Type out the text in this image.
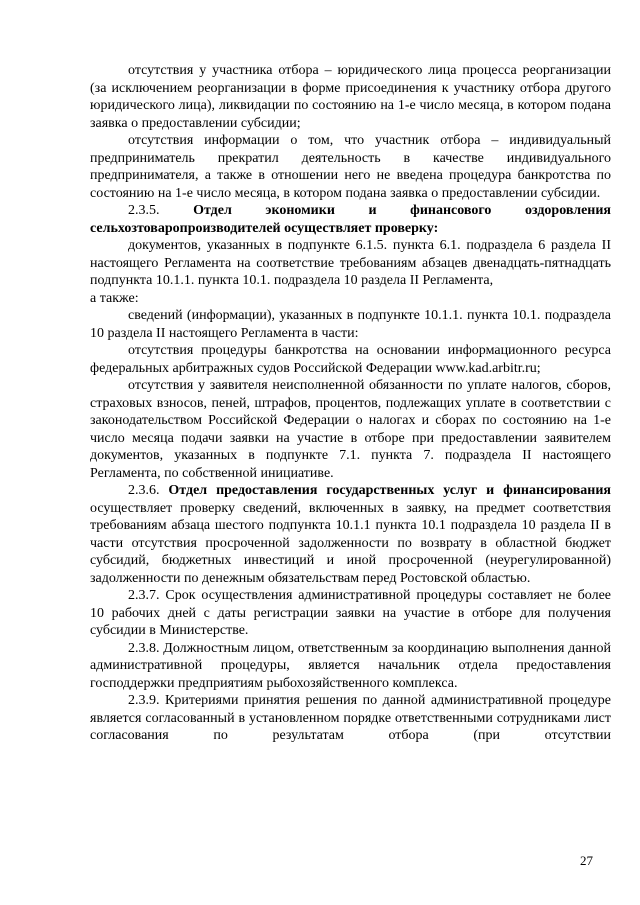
отсутствия у участника отбора – юридического лица процесса реорганизации (за исключением реорганизации в форме присоединения к участнику отбора другого юридического лица), ликвидации по состоянию на 1-е число месяца, в котором подана заявка о предоставлении субсидии;

отсутствия информации о том, что участник отбора – индивидуальный предприниматель прекратил деятельность в качестве индивидуального предпринимателя, а также в отношении него не введена процедура банкротства по состоянию на 1-е число месяца, в котором подана заявка о предоставлении субсидии.

2.3.5. Отдел экономики и финансового оздоровления сельхозтоваропроизводителей осуществляет проверку:

документов, указанных в подпункте 6.1.5. пункта 6.1. подраздела 6 раздела II настоящего Регламента на соответствие требованиям абзацев двенадцать-пятнадцать подпункта 10.1.1. пункта 10.1. подраздела 10 раздела II Регламента,

а также:

сведений (информации), указанных в подпункте 10.1.1. пункта 10.1. подраздела 10 раздела II настоящего Регламента в части:

отсутствия процедуры банкротства на основании информационного ресурса федеральных арбитражных судов Российской Федерации www.kad.arbitr.ru;

отсутствия у заявителя неисполненной обязанности по уплате налогов, сборов, страховых взносов, пеней, штрафов, процентов, подлежащих уплате в соответствии с законодательством Российской Федерации о налогах и сборах по состоянию на 1-е число месяца подачи заявки на участие в отборе при предоставлении заявителем документов, указанных в подпункте 7.1. пункта 7. подраздела II настоящего Регламента, по собственной инициативе.

2.3.6. Отдел предоставления государственных услуг и финансирования осуществляет проверку сведений, включенных в заявку, на предмет соответствия требованиям абзаца шестого подпункта 10.1.1 пункта 10.1 подраздела 10 раздела II в части отсутствия просроченной задолженности по возврату в областной бюджет субсидий, бюджетных инвестиций и иной просроченной (неурегулированной) задолженности по денежным обязательствам перед Ростовской областью.

2.3.7. Срок осуществления административной процедуры составляет не более 10 рабочих дней с даты регистрации заявки на участие в отборе для получения субсидии в Министерстве.

2.3.8. Должностным лицом, ответственным за координацию выполнения данной административной процедуры, является начальник отдела предоставления господдержки предприятиям рыбохозяйственного комплекса.

2.3.9. Критериями принятия решения по данной административной процедуре является согласованный в установленном порядке ответственными сотрудниками лист согласования по результатам отбора (при отсутствии

27
